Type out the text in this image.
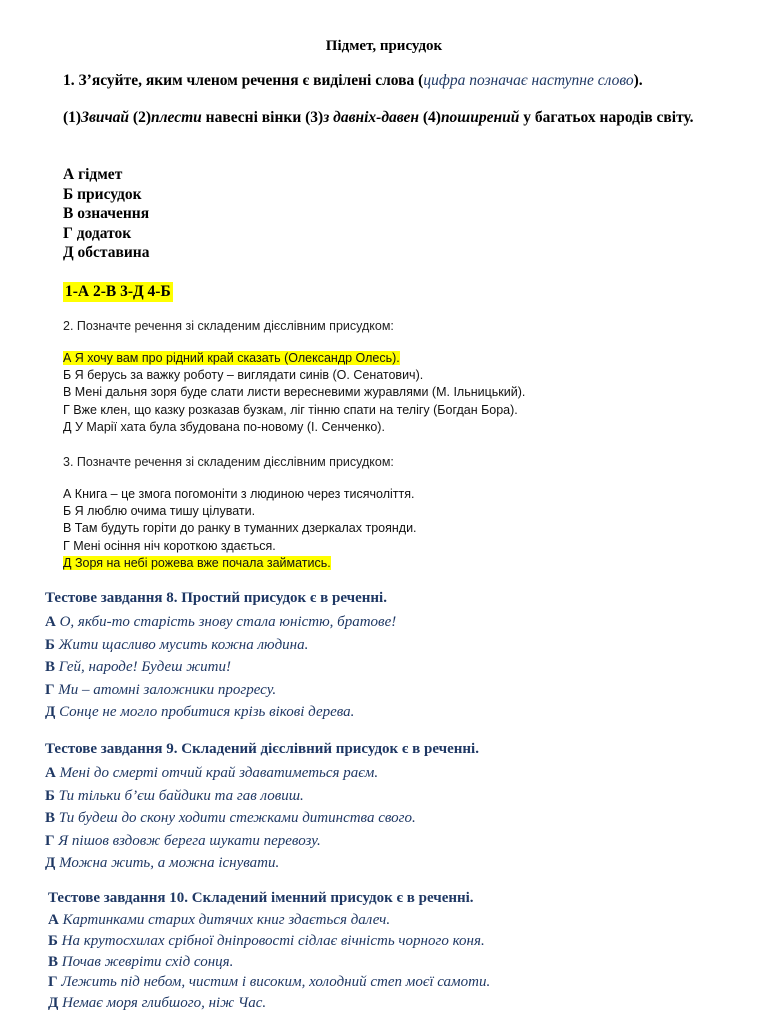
Підмет, присудок
1. З’ясуйте, яким членом речення є виділені слова (цифра позначає наступне слово).
(1)Звичай (2)плести навесні вінки (3)з давніх-давен (4)поширений у багатьох народів світу.
А гідмет
Б присудок
В означення
Г додаток
Д обставина
1-А 2-В 3-Д 4-Б
2. Позначте речення зі складеним дієслівним присудком:
А Я хочу вам про рідний край сказать (Олександр Олесь).
Б Я берусь за важку роботу – виглядати синів (О. Сенатович).
В Мені дальня зоря буде слати листи вересневими журавлями (М. Ільницький).
Г Вже клен, що казку розказав бузкам, ліг тінню спати на телігу (Богдан Бора).
Д У Марії хата була збудована по-новому (І. Сенченко).
3. Позначте речення зі складеним дієслівним присудком:
А Книга – це змога погомоніти з людиною через тисячоліття.
Б Я люблю очима тишу цілувати.
В Там будуть горіти до ранку в туманних дзеркалах троянди.
Г Мені осіння ніч короткою здається.
Д Зоря на небі рожева вже почала займатись.
Тестове завдання 8. Простий присудок є в реченні.
А О, якби-то старість знову стала юністю, братове!
Б Жити щасливо мусить кожна людина.
В Гей, народе! Будеш жити!
Г Ми – атомні заложники прогресу.
Д Сонце не могло пробитися крізь вікові дерева.
Тестове завдання 9. Складений дієслівний присудок є в реченні.
А Мені до смерті отчий край здаватиметься раєм.
Б Ти тільки б’єш байдики та гав ловиш.
В Ти будеш до скону ходити стежками дитинства свого.
Г Я пішов вздовж берега шукати перевозу.
Д Можна жить, а можна існувати.
Тестове завдання 10. Складений іменний присудок є в реченні.
А Картинками старих дитячих книг здається далеч.
Б На крутосхилах срібної дніпровості сідлає вічність чорного коня.
В Почав жевріти схід сонця.
Г Лежить під небом, чистим і високим, холодний степ моєї самоти.
Д Немає моря глибшого, ніж Час.
